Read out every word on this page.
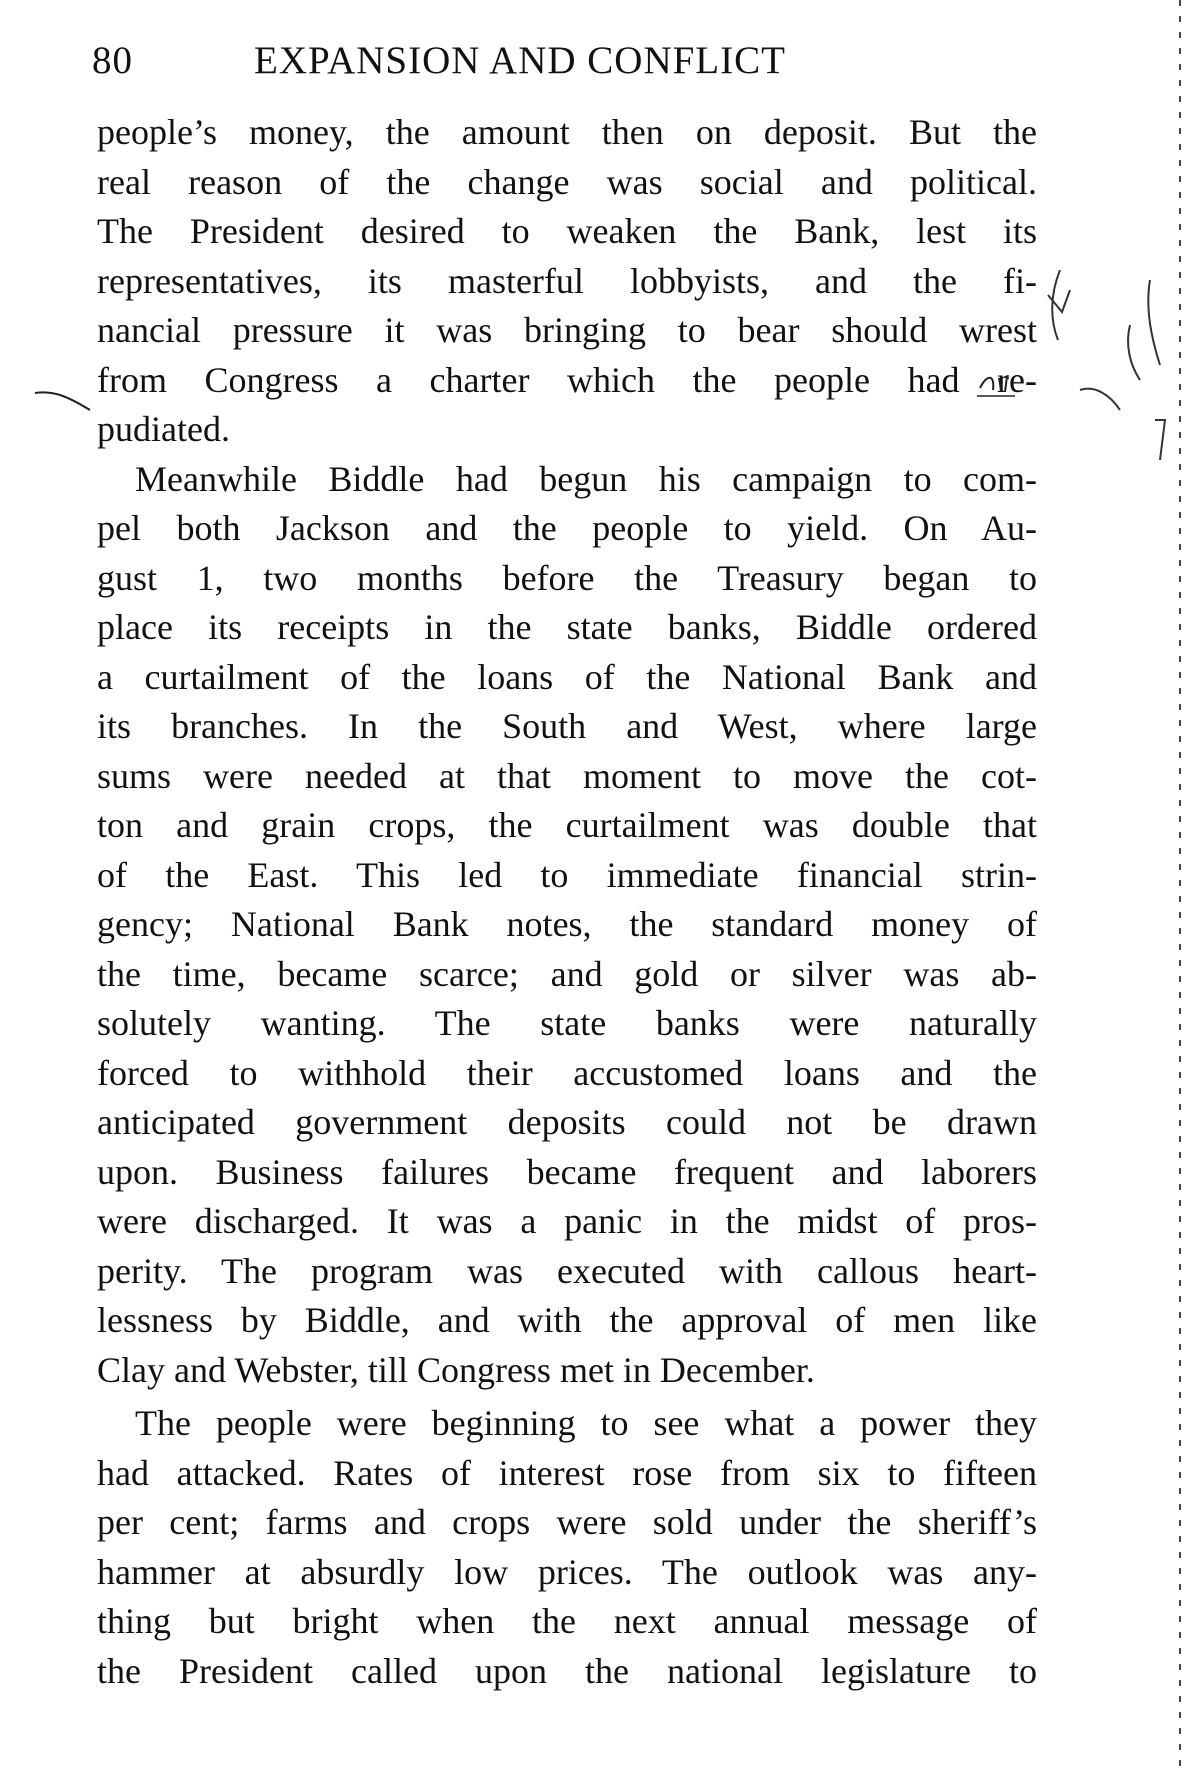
80	EXPANSION AND CONFLICT

people’s money, the amount then on deposit. But the
real reason of the change was social and political.
The President desired to weaken the Bank, lest its
representatives, its masterful lobbyists, and the fi-
nancial pressure it was bringing to bear should wrest
from Congress a charter which the people had re-
pudiated.

Meanwhile Biddle had begun his campaign to com-
pel both Jackson and the people to yield. On Au-
gust 1, two months before the Treasury began to
place its receipts in the state banks, Biddle ordered
a curtailment of the loans of the National Bank and
its branches. In the South and West, where large
sums were needed at that moment to move the cot-
ton and grain crops, the curtailment was double that
of the East. This led to immediate financial strin-
gency; National Bank notes, the standard money of
the time, became scarce; and gold or silver was ab-
solutely wanting. The state banks were naturally
forced to withhold their accustomed loans and the
anticipated government deposits could not be drawn
upon. Business failures became frequent and laborers
were discharged. It was a panic in the midst of pros-
perity. The program was executed with callous heart-
lessness by Biddle, and with the approval of men like
Clay and Webster, till Congress met in December.

The people were beginning to see what a power they
had attacked. Rates of interest rose from six to fifteen
per cent; farms and crops were sold under the sheriff’s
hammer at absurdly low prices. The outlook was any-
thing but bright when the next annual message of
the President called upon the national legislature to
